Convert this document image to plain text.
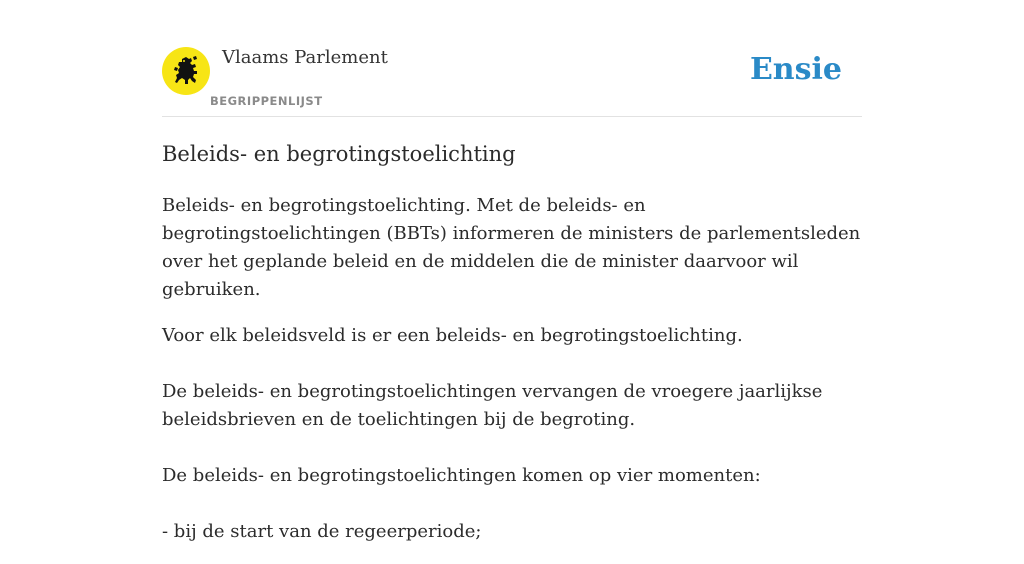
Vlaams Parlement
BEGRIPPENLIJST
Ensie
Beleids- en begrotingstoelichting

Beleids- en begrotingstoelichting. Met de beleids- en begrotingstoelichtingen (BBTs) informeren de ministers de parlementsleden over het geplande beleid en de middelen die de minister daarvoor wil gebruiken.

Voor elk beleidsveld is er een beleids- en begrotingstoelichting.

De beleids- en begrotingstoelichtingen vervangen de vroegere jaarlijkse beleidsbrieven en de toelichtingen bij de begroting.

De beleids- en begrotingstoelichtingen komen op vier momenten:

- bij de start van de regeerperiode;
